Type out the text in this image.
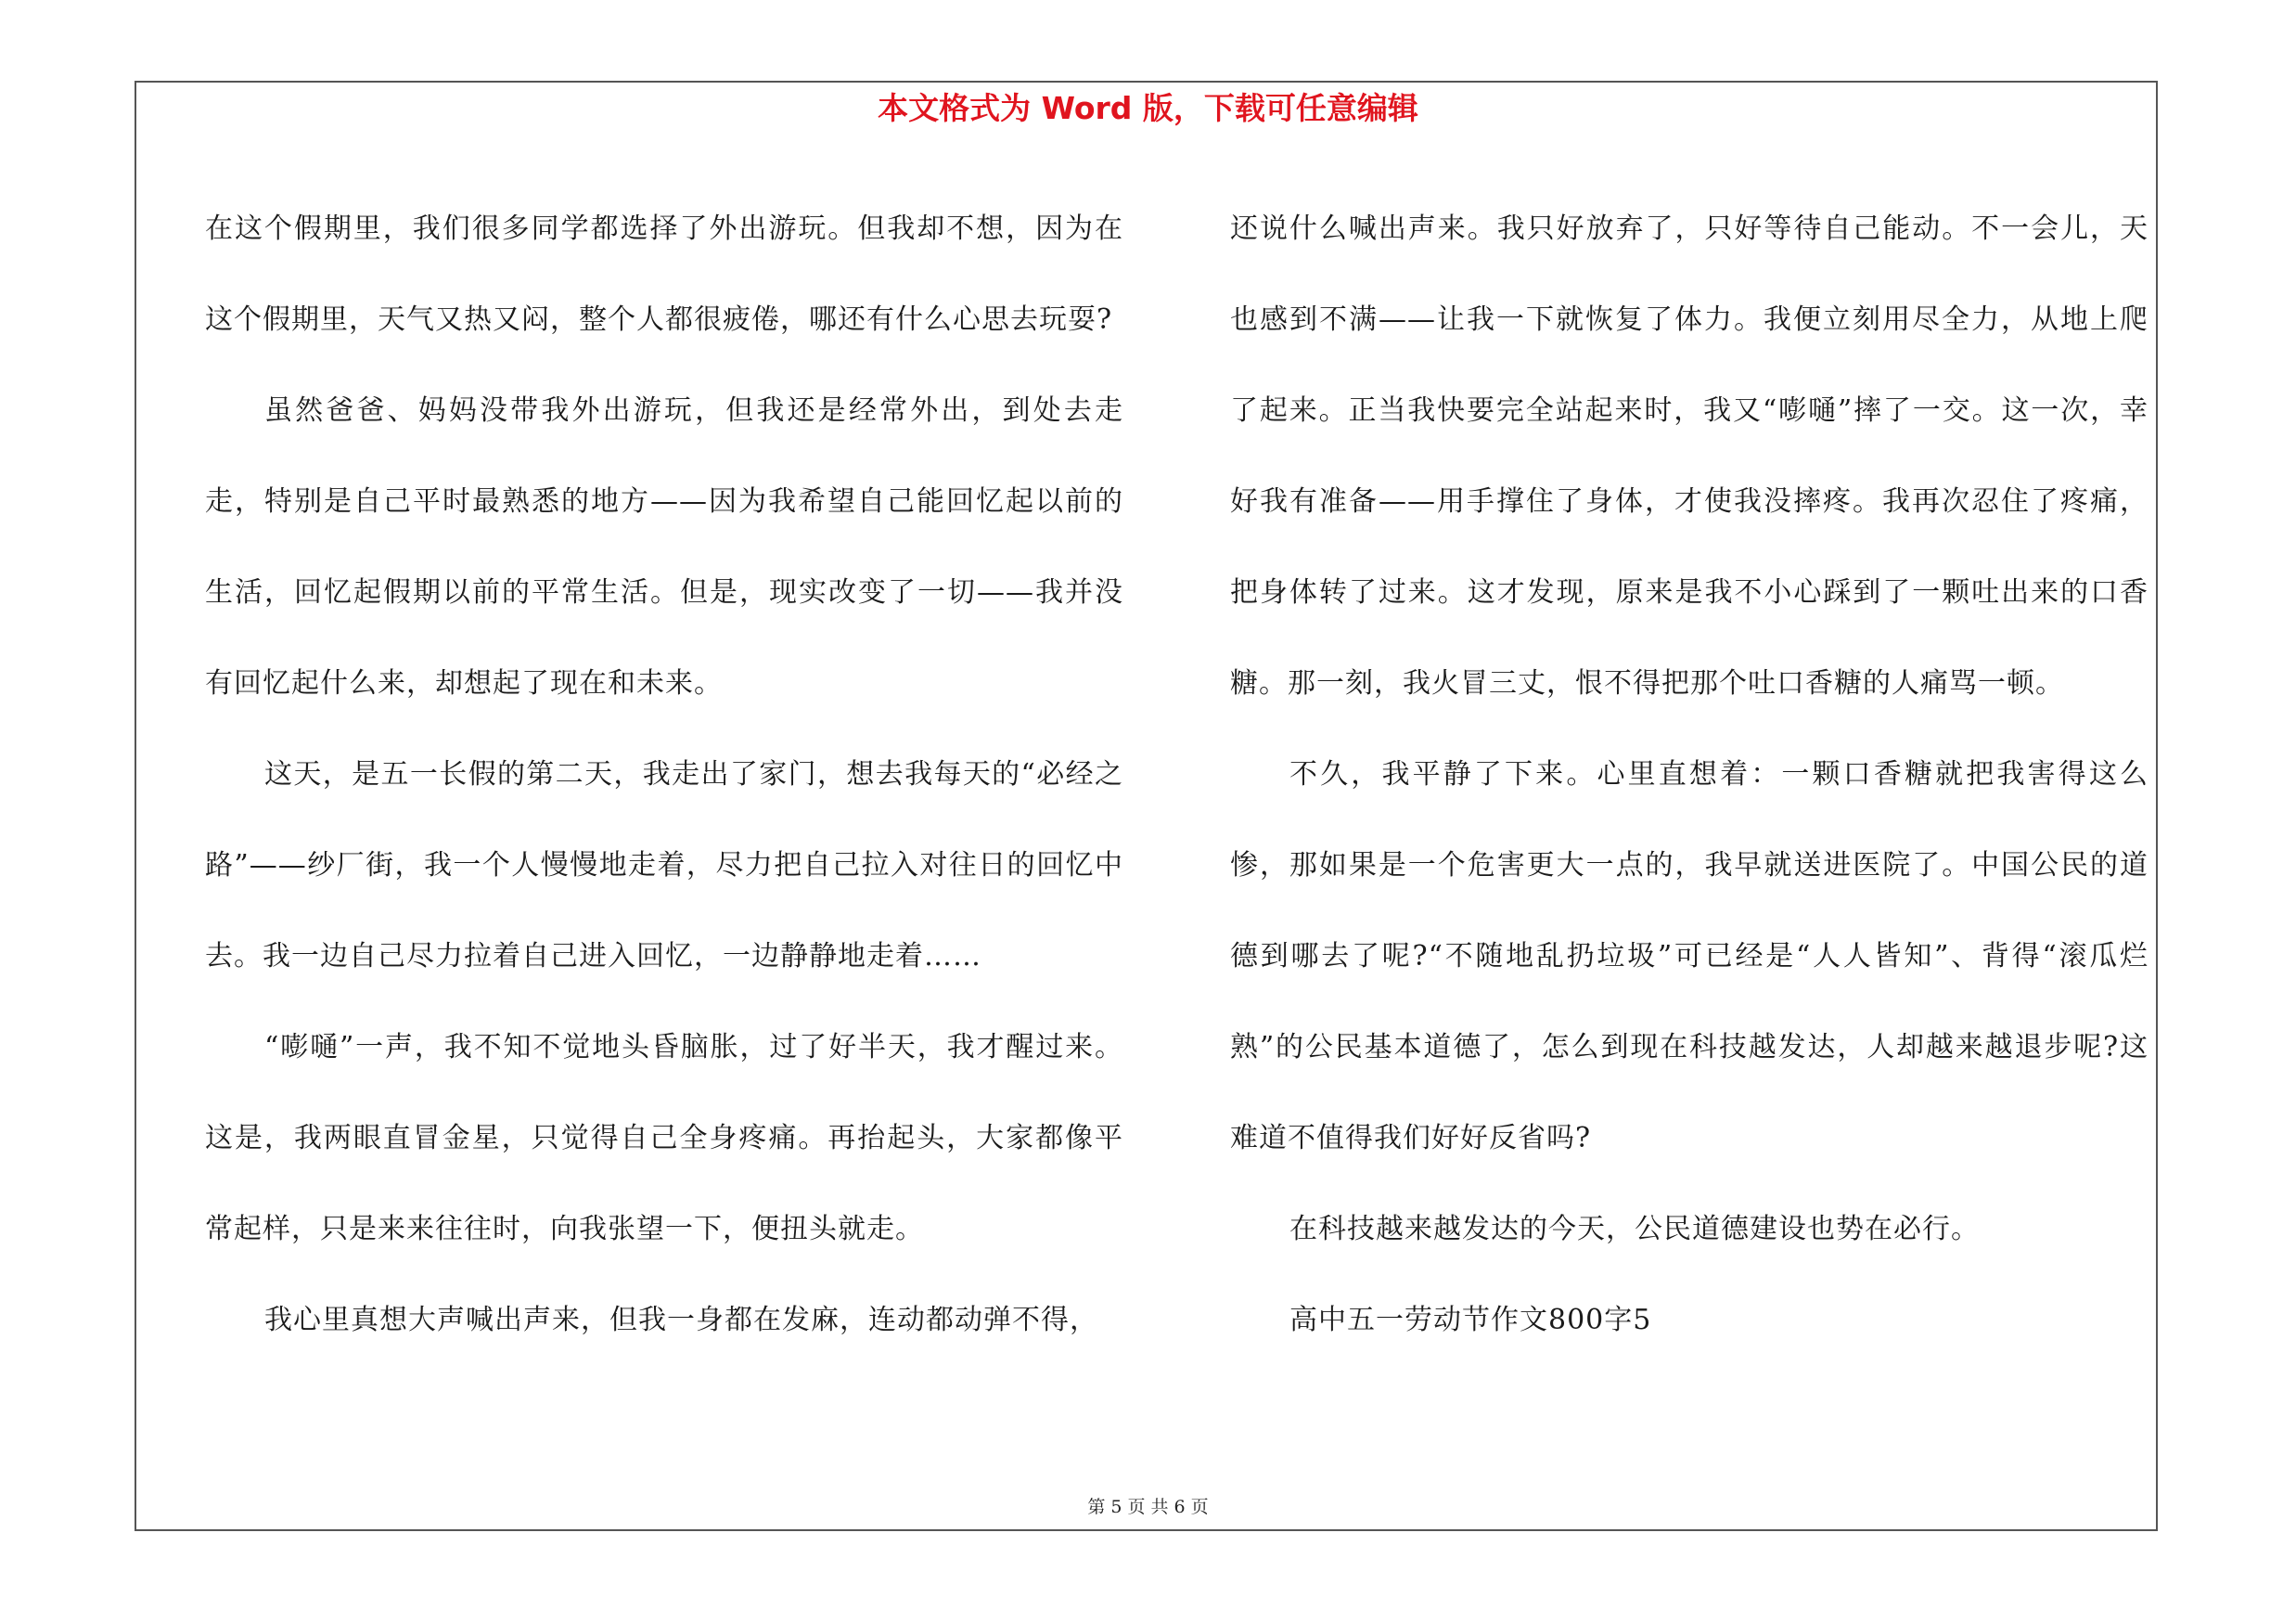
本文格式为 Word 版，下载可任意编辑

在这个假期里，我们很多同学都选择了外出游玩。但我却不想，因为在这个假期里，天气又热又闷，整个人都很疲倦，哪还有什么心思去玩耍?

虽然爸爸、妈妈没带我外出游玩，但我还是经常外出，到处去走走，特别是自己平时最熟悉的地方——因为我希望自己能回忆起以前的生活，回忆起假期以前的平常生活。但是，现实改变了一切——我并没有回忆起什么来，却想起了现在和未来。

这天，是五一长假的第二天，我走出了家门，想去我每天的“必经之路”——纱厂街，我一个人慢慢地走着，尽力把自己拉入对往日的回忆中去。我一边自己尽力拉着自己进入回忆，一边静静地走着……

“嘭嗵”一声，我不知不觉地头昏脑胀，过了好半天，我才醒过来。这是，我两眼直冒金星，只觉得自己全身疼痛。再抬起头，大家都像平常起样，只是来来往往时，向我张望一下，便扭头就走。

我心里真想大声喊出声来，但我一身都在发麻，连动都动弹不得，

还说什么喊出声来。我只好放弃了，只好等待自己能动。不一会儿，天也感到不满——让我一下就恢复了体力。我便立刻用尽全力，从地上爬了起来。正当我快要完全站起来时，我又“嘭嗵”摔了一交。这一次，幸好我有准备——用手撑住了身体，才使我没摔疼。我再次忍住了疼痛，把身体转了过来。这才发现，原来是我不小心踩到了一颗吐出来的口香糖。那一刻，我火冒三丈，恨不得把那个吐口香糖的人痛骂一顿。

不久，我平静了下来。心里直想着：一颗口香糖就把我害得这么惨，那如果是一个危害更大一点的，我早就送进医院了。中国公民的道德到哪去了呢?“不随地乱扔垃圾”可已经是“人人皆知”、背得“滚瓜烂熟”的公民基本道德了，怎么到现在科技越发达，人却越来越退步呢?这难道不值得我们好好反省吗?

在科技越来越发达的今天，公民道德建设也势在必行。

高中五一劳动节作文800字5

第 5 页 共 6 页
